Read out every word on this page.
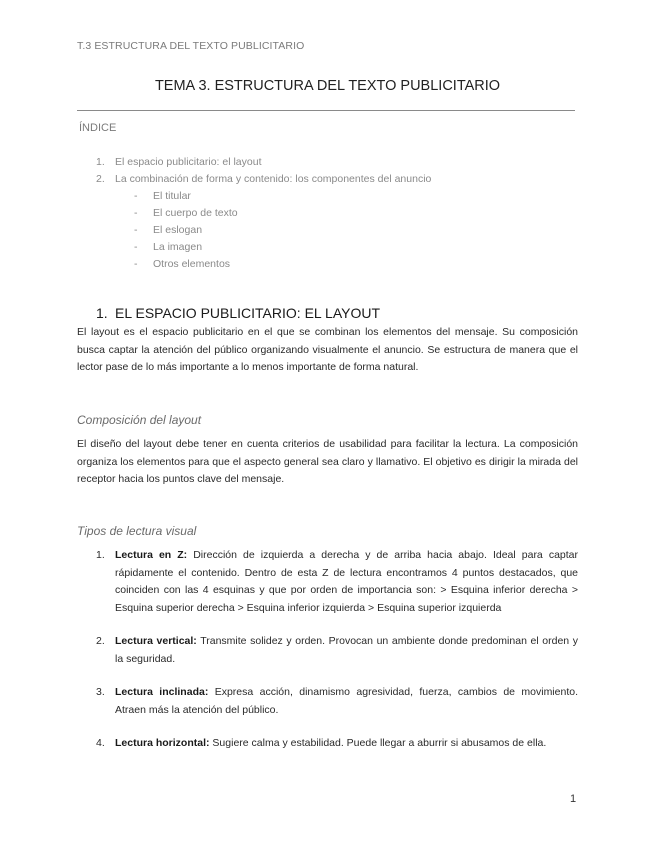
T.3 ESTRUCTURA DEL TEXTO PUBLICITARIO
TEMA 3. ESTRUCTURA DEL TEXTO PUBLICITARIO
ÍNDICE
1. El espacio publicitario: el layout
2. La combinación de forma y contenido: los componentes del anuncio
-	El titular
-	El cuerpo de texto
-	El eslogan
-	La imagen
-	Otros elementos
1. EL ESPACIO PUBLICITARIO: EL LAYOUT

El layout es el espacio publicitario en el que se combinan los elementos del mensaje. Su composición busca captar la atención del público organizando visualmente el anuncio. Se estructura de manera que el lector pase de lo más importante a lo menos importante de forma natural.

Composición del layout

El diseño del layout debe tener en cuenta criterios de usabilidad para facilitar la lectura. La composición organiza los elementos para que el aspecto general sea claro y llamativo. El objetivo es dirigir la mirada del receptor hacia los puntos clave del mensaje.

Tipos de lectura visual
1. Lectura en Z: Dirección de izquierda a derecha y de arriba hacia abajo. Ideal para captar rápidamente el contenido. Dentro de esta Z de lectura encontramos 4 puntos destacados, que coinciden con las 4 esquinas y que por orden de importancia son: > Esquina inferior derecha > Esquina superior derecha > Esquina inferior izquierda > Esquina superior izquierda
2. Lectura vertical: Transmite solidez y orden. Provocan un ambiente donde predominan el orden y la seguridad.
3. Lectura inclinada: Expresa acción, dinamismo agresividad, fuerza, cambios de movimiento. Atraen más la atención del público.
4. Lectura horizontal: Sugiere calma y estabilidad. Puede llegar a aburrir si abusamos de ella.
1
